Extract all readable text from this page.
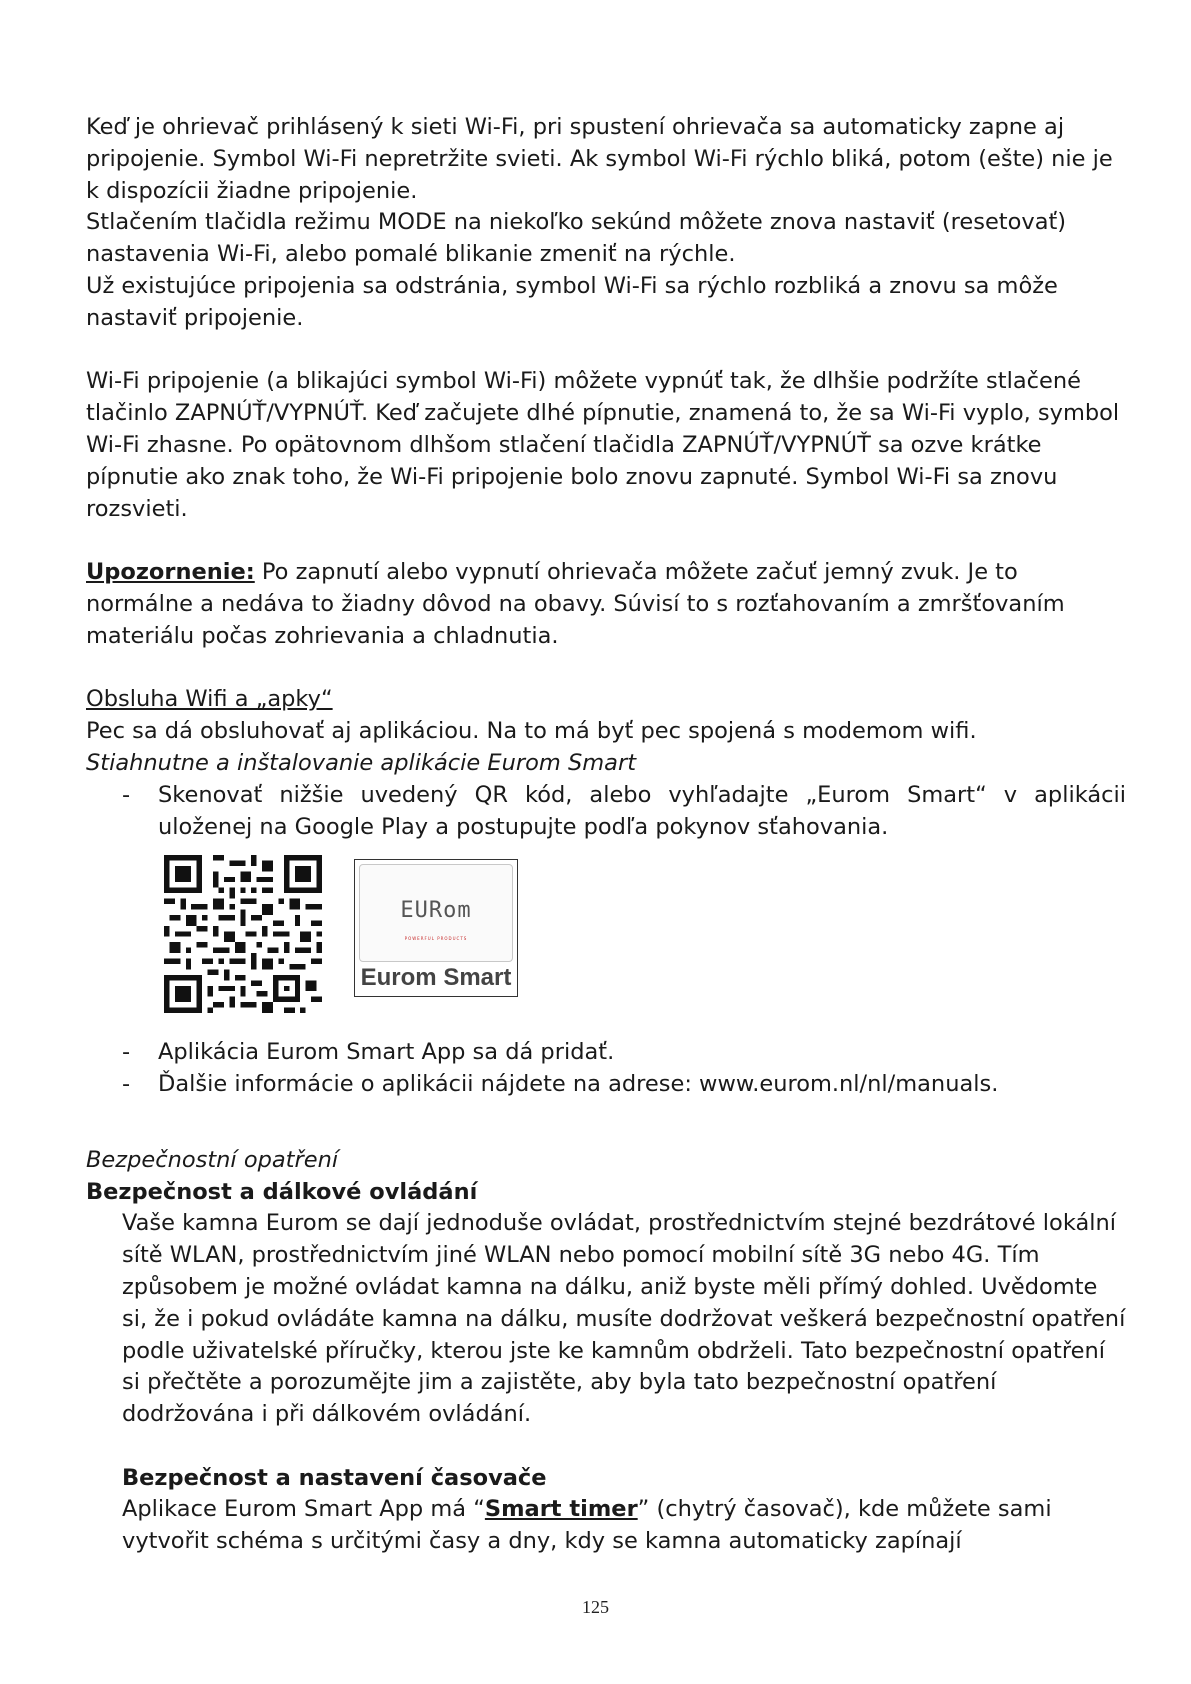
Keď je ohrievač prihlásený k sieti Wi-Fi, pri spustení ohrievača sa automaticky zapne aj pripojenie. Symbol Wi-Fi nepretržite svieti. Ak symbol Wi-Fi rýchlo bliká, potom (ešte) nie je k dispozícii žiadne pripojenie.

Stlačením tlačidla režimu MODE na niekoľko sekúnd môžete znova nastaviť (resetovať) nastavenia Wi-Fi, alebo pomalé blikanie zmeniť na rýchle.

Už existujúce pripojenia sa odstránia, symbol Wi-Fi sa rýchlo rozbliká a znovu sa môže nastaviť pripojenie.

Wi-Fi pripojenie (a blikajúci symbol Wi-Fi) môžete vypnúť tak, že dlhšie podržíte stlačené tlačinlo ZAPNÚŤ/VYPNÚŤ. Keď začujete dlhé pípnutie, znamená to, že sa Wi-Fi vyplo, symbol Wi-Fi zhasne. Po opätovnom dlhšom stlačení tlačidla ZAPNÚŤ/VYPNÚŤ sa ozve krátke pípnutie ako znak toho, že Wi-Fi pripojenie bolo znovu zapnuté. Symbol Wi-Fi sa znovu rozsvieti.

Upozornenie: Po zapnutí alebo vypnutí ohrievača môžete začuť jemný zvuk. Je to normálne a nedáva to žiadny dôvod na obavy. Súvisí to s rozťahovaním a zmršťovaním materiálu počas zohrievania a chladnutia.

Obsluha Wifi a „apky“

Pec sa dá obsluhovať aj aplikáciou. Na to má byť pec spojená s modemom wifi.

Stiahnutne a inštalovanie aplikácie Eurom Smart

- Skenovať nižšie uvedený QR kód, alebo vyhľadajte „Eurom Smart“ v aplikácii uloženej na Google Play a postupujte podľa pokynov sťahovania.
EURom
POWERFUL PRODUCTS
Eurom Smart
- Aplikácia Eurom Smart App sa dá pridať.
- Ďalšie informácie o aplikácii nájdete na adrese: www.eurom.nl/nl/manuals.

Bezpečnostní opatření

Bezpečnost a dálkové ovládání

Vaše kamna Eurom se dají jednoduše ovládat, prostřednictvím stejné bezdrátové lokální sítě WLAN, prostřednictvím jiné WLAN nebo pomocí mobilní sítě 3G nebo 4G. Tím způsobem je možné ovládat kamna na dálku, aniž byste měli přímý dohled. Uvědomte si, že i pokud ovládáte kamna na dálku, musíte dodržovat veškerá bezpečnostní opatření podle uživatelské příručky, kterou jste ke kamnům obdrželi. Tato bezpečnostní opatření si přečtěte a porozumějte jim a zajistěte, aby byla tato bezpečnostní opatření dodržována i při dálkovém ovládání.

Bezpečnost a nastavení časovače

Aplikace Eurom Smart App má “Smart timer” (chytrý časovač), kde můžete sami vytvořit schéma s určitými časy a dny, kdy se kamna automaticky zapínají

125
